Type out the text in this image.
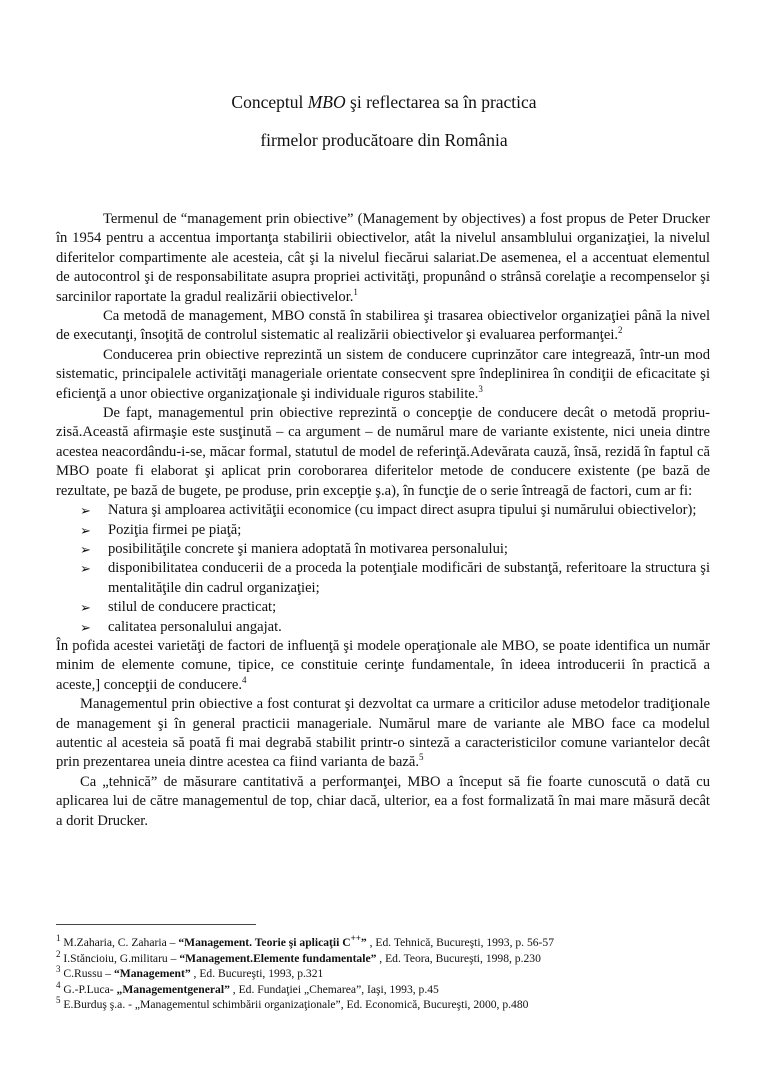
Conceptul MBO şi reflectarea sa în practica
firmelor producătoare din România

Termenul de “management prin obiective” (Management by objectives) a fost propus de Peter Drucker în 1954 pentru a accentua importanţa stabilirii obiectivelor, atât la nivelul ansamblului organizaţiei, la nivelul diferitelor compartimente ale acesteia, cât şi la nivelul fiecărui salariat.De asemenea, el a accentuat elementul de autocontrol şi de responsabilitate asupra propriei activităţi, propunând o strânsă corelaţie a recompenselor şi sarcinilor raportate la gradul realizării obiectivelor.$^1$

Ca metodă de management, MBO constă în stabilirea şi trasarea obiectivelor organizaţiei până la nivel de executanţi, însoţită de controlul sistematic al realizării obiectivelor şi evaluarea performanţei.$^2$

Conducerea prin obiective reprezintă un sistem de conducere cuprinzător care integrează, într-un mod sistematic, principalele activităţi manageriale orientate consecvent spre îndeplinirea în condiţii de eficacitate şi eficienţă a unor obiective organizaţionale şi individuale riguros stabilite.$^3$

De fapt, managementul prin obiective reprezintă o concepţie de conducere decât o metodă propriu-zisă.Această afirmaşie este susţinută – ca argument – de numărul mare de variante existente, nici uneia dintre acestea neacordându-i-se, măcar formal, statutul de model de referinţă.Adevărata cauză, însă, rezidă în faptul că MBO poate fi elaborat şi aplicat prin coroborarea diferitelor metode de conducere existente (pe bază de rezultate, pe bază de bugete, pe produse, prin excepţie ş.a), în funcţie de o serie întreagă de factori, cum ar fi:

➢ Natura şi amploarea activităţii economice (cu impact direct asupra tipului şi numărului obiectivelor);
➢ Poziţia firmei pe piaţă;
➢ posibilităţile concrete şi maniera adoptată în motivarea personalului;
➢ disponibilitatea conducerii de a proceda la potenţiale modificări de substanţă, referitoare la structura şi mentalităţile din cadrul organizaţiei;
➢ stilul de conducere practicat;
➢ calitatea personalului angajat.

În pofida acestei varietăţi de factori de influenţă şi modele operaţionale ale MBO, se poate identifica un număr minim de elemente comune, tipice, ce constituie cerinţe fundamentale, în ideea introducerii în practică a aceste,] concepţii de conducere.$^4$

Managementul prin obiective a fost conturat şi dezvoltat ca urmare a criticilor aduse metodelor tradiţionale de management şi în general practicii manageriale. Numărul mare de variante ale MBO face ca modelul autentic al acesteia să poată fi mai degrabă stabilit printr-o sinteză a caracteristicilor comune variantelor decât prin prezentarea uneia dintre acestea ca fiind varianta de bază.$^5$

Ca „tehnică” de măsurare cantitativă a performanţei, MBO a început să fie foarte cunoscută o dată cu aplicarea lui de către managementul de top, chiar dacă, ulterior, ea a fost formalizată în mai mare măsură decât a dorit Drucker.

$^1$ M.Zaharia, C. Zaharia – “Management. Teorie şi aplicaţii C++” , Ed. Tehnică, Bucureşti, 1993, p. 56-57
$^2$ I.Stăncioiu, G.militaru – “Management.Elemente fundamentale” , Ed. Teora, Bucureşti, 1998, p.230
$^3$ C.Russu – “Management” , Ed. Bucureşti, 1993, p.321
$^4$ G.-P.Luca- „Managementgeneral” , Ed. Fundaţiei „Chemarea”, Iaşi, 1993, p.45
$^5$ E.Burduş ş.a. - „Managementul schimbării organizaţionale”, Ed. Economică, Bucureşti, 2000, p.480
